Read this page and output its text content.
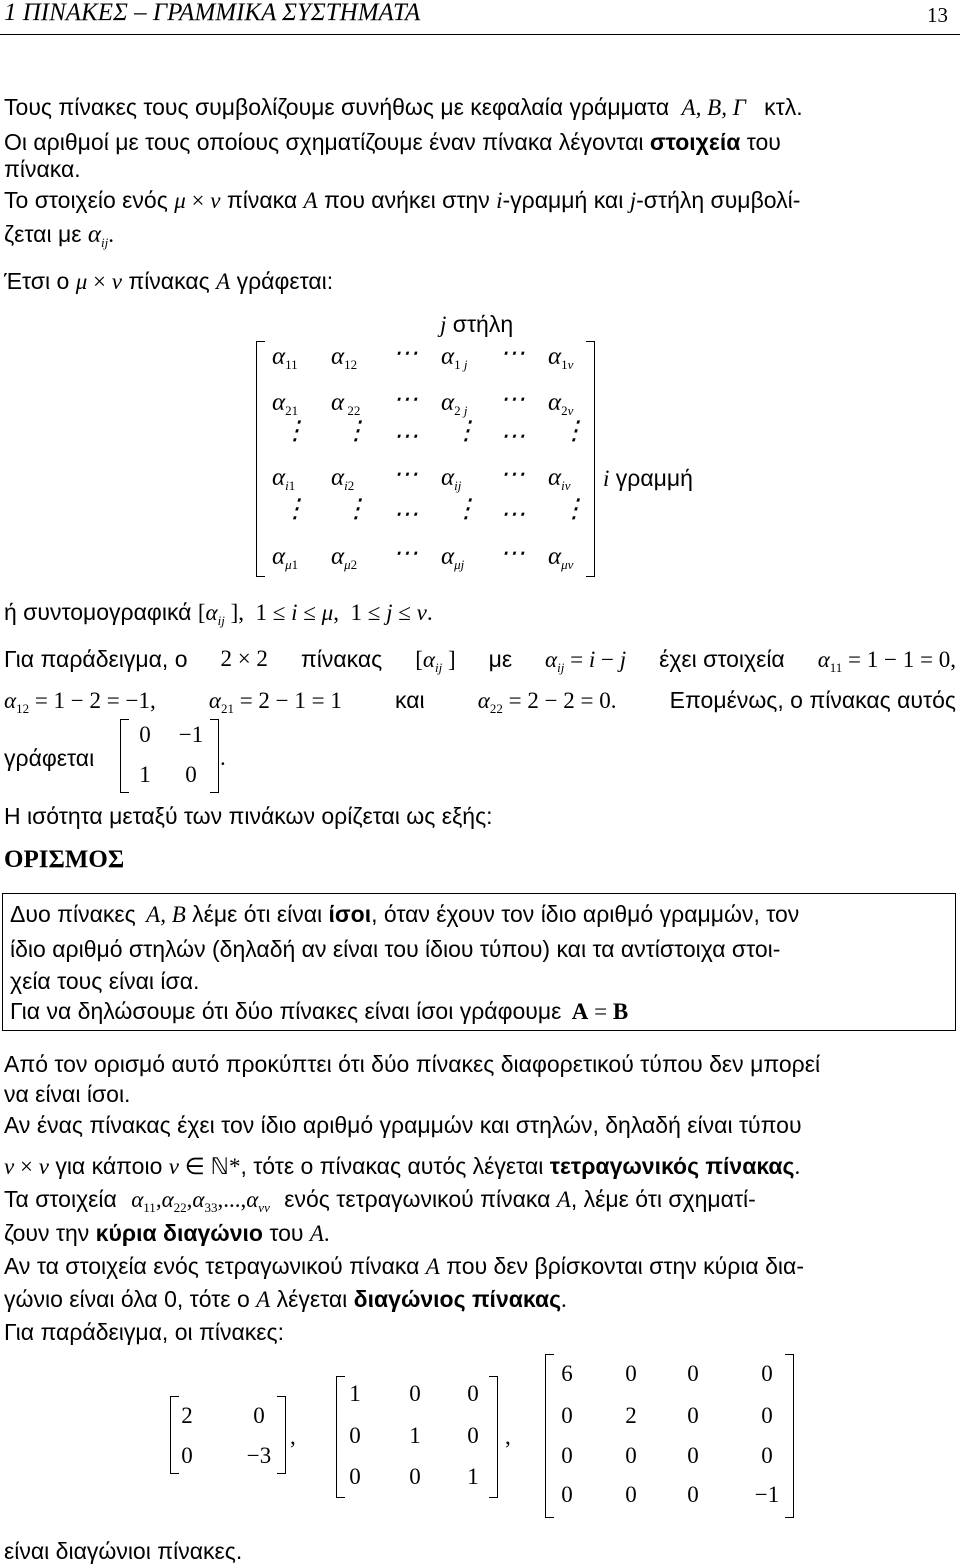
1 ΠΙΝΑΚΕΣ – ΓΡΑΜΜΙΚΑ ΣΥΣΤΗΜΑΤΑ	13
Τους πίνακες τους συμβολίζουμε συνήθως με κεφαλαία γράμματα Α, Β, Γ κτλ.
Οι αριθμοί με τους οποίους σχηματίζουμε έναν πίνακα λέγονται στοιχεία του
πίνακα.
Το στοιχείο ενός μ × ν πίνακα Α που ανήκει στην i-γραμμή και j-στήλη συμβολί-
ζεται με $\alpha_{ij}$.
Έτσι ο μ × ν πίνακας Α γράφεται:
j στήλη
$\alpha_{11}$ $\alpha_{12}$ ⋯ $\alpha_{1 j}$ ⋯ $\alpha_{1\nu}$
$\alpha_{21}$ α $_{22}$ ⋯ $\alpha_{2 j}$ ⋯ $\alpha_{2\nu}$
⋮ ⋮ ⋯ ⋮ ⋯ ⋮
$\alpha_{i1}$ $\alpha_{i2}$ ⋯ $\alpha_{ij}$ ⋯ $\alpha_{i\nu}$ i γραμμή
⋮ ⋮ ⋯ ⋮ ⋯ ⋮
$\alpha_{\mu 1}$ $\alpha_{\mu 2}$ ⋯ $\alpha_{\mu j}$ ⋯ $\alpha_{\mu\nu}$
ή συντομογραφικά [$\alpha_{ij}$ ],  1 ≤ i ≤ μ,  1 ≤ j ≤ ν.
Για παράδειγμα, ο 2 × 2 πίνακας [$\alpha_{ij}$ ] με $\alpha_{ij} = i - j$ έχει στοιχεία $\alpha_{11} = 1 - 1 = 0$,
$\alpha_{12} = 1 - 2 = -1$, $\alpha_{21} = 2 - 1 = 1$ και $\alpha_{22} = 2 - 2 = 0$. Επομένως, ο πίνακας αυτός
γράφεται
0	−1
1	0
.
Η ισότητα μεταξύ των πινάκων ορίζεται ως εξής:
ΟΡΙΣΜΟΣ
Δυο πίνακες Α, Β λέμε ότι είναι ίσοι, όταν έχουν τον ίδιο αριθμό γραμμών, τον
ίδιο αριθμό στηλών (δηλαδή αν είναι του ίδιου τύπου) και τα αντίστοιχα στοι-
χεία τους είναι ίσα.
Για να δηλώσουμε ότι δύο πίνακες είναι ίσοι γράφουμε Α = Β
Από τον ορισμό αυτό προκύπτει ότι δύο πίνακες διαφορετικού τύπου δεν μπορεί
να είναι ίσοι.
Αν ένας πίνακας έχει τον ίδιο αριθμό γραμμών και στηλών, δηλαδή είναι τύπου
ν × ν για κάποιο ν ∈ ℕ*, τότε ο πίνακας αυτός λέγεται τετραγωνικός πίνακας.
Τα στοιχεία $\alpha_{11},\alpha_{22},\alpha_{33},...,\alpha_{\nu\nu}$ ενός τετραγωνικού πίνακα Α, λέμε ότι σχηματί-
ζουν την κύρια διαγώνιο του Α.
Αν τα στοιχεία ενός τετραγωνικού πίνακα Α που δεν βρίσκονται στην κύρια δια-
γώνιο είναι όλα 0, τότε ο Α λέγεται διαγώνιος πίνακας.
Για παράδειγμα, οι πίνακες:
2	0
0	−3
,
1	0	0
0	1	0
0	0	1
,
6	0	0	0
0	2	0	0
0	0	0	0
0	0	0	−1
είναι διαγώνιοι πίνακες.
